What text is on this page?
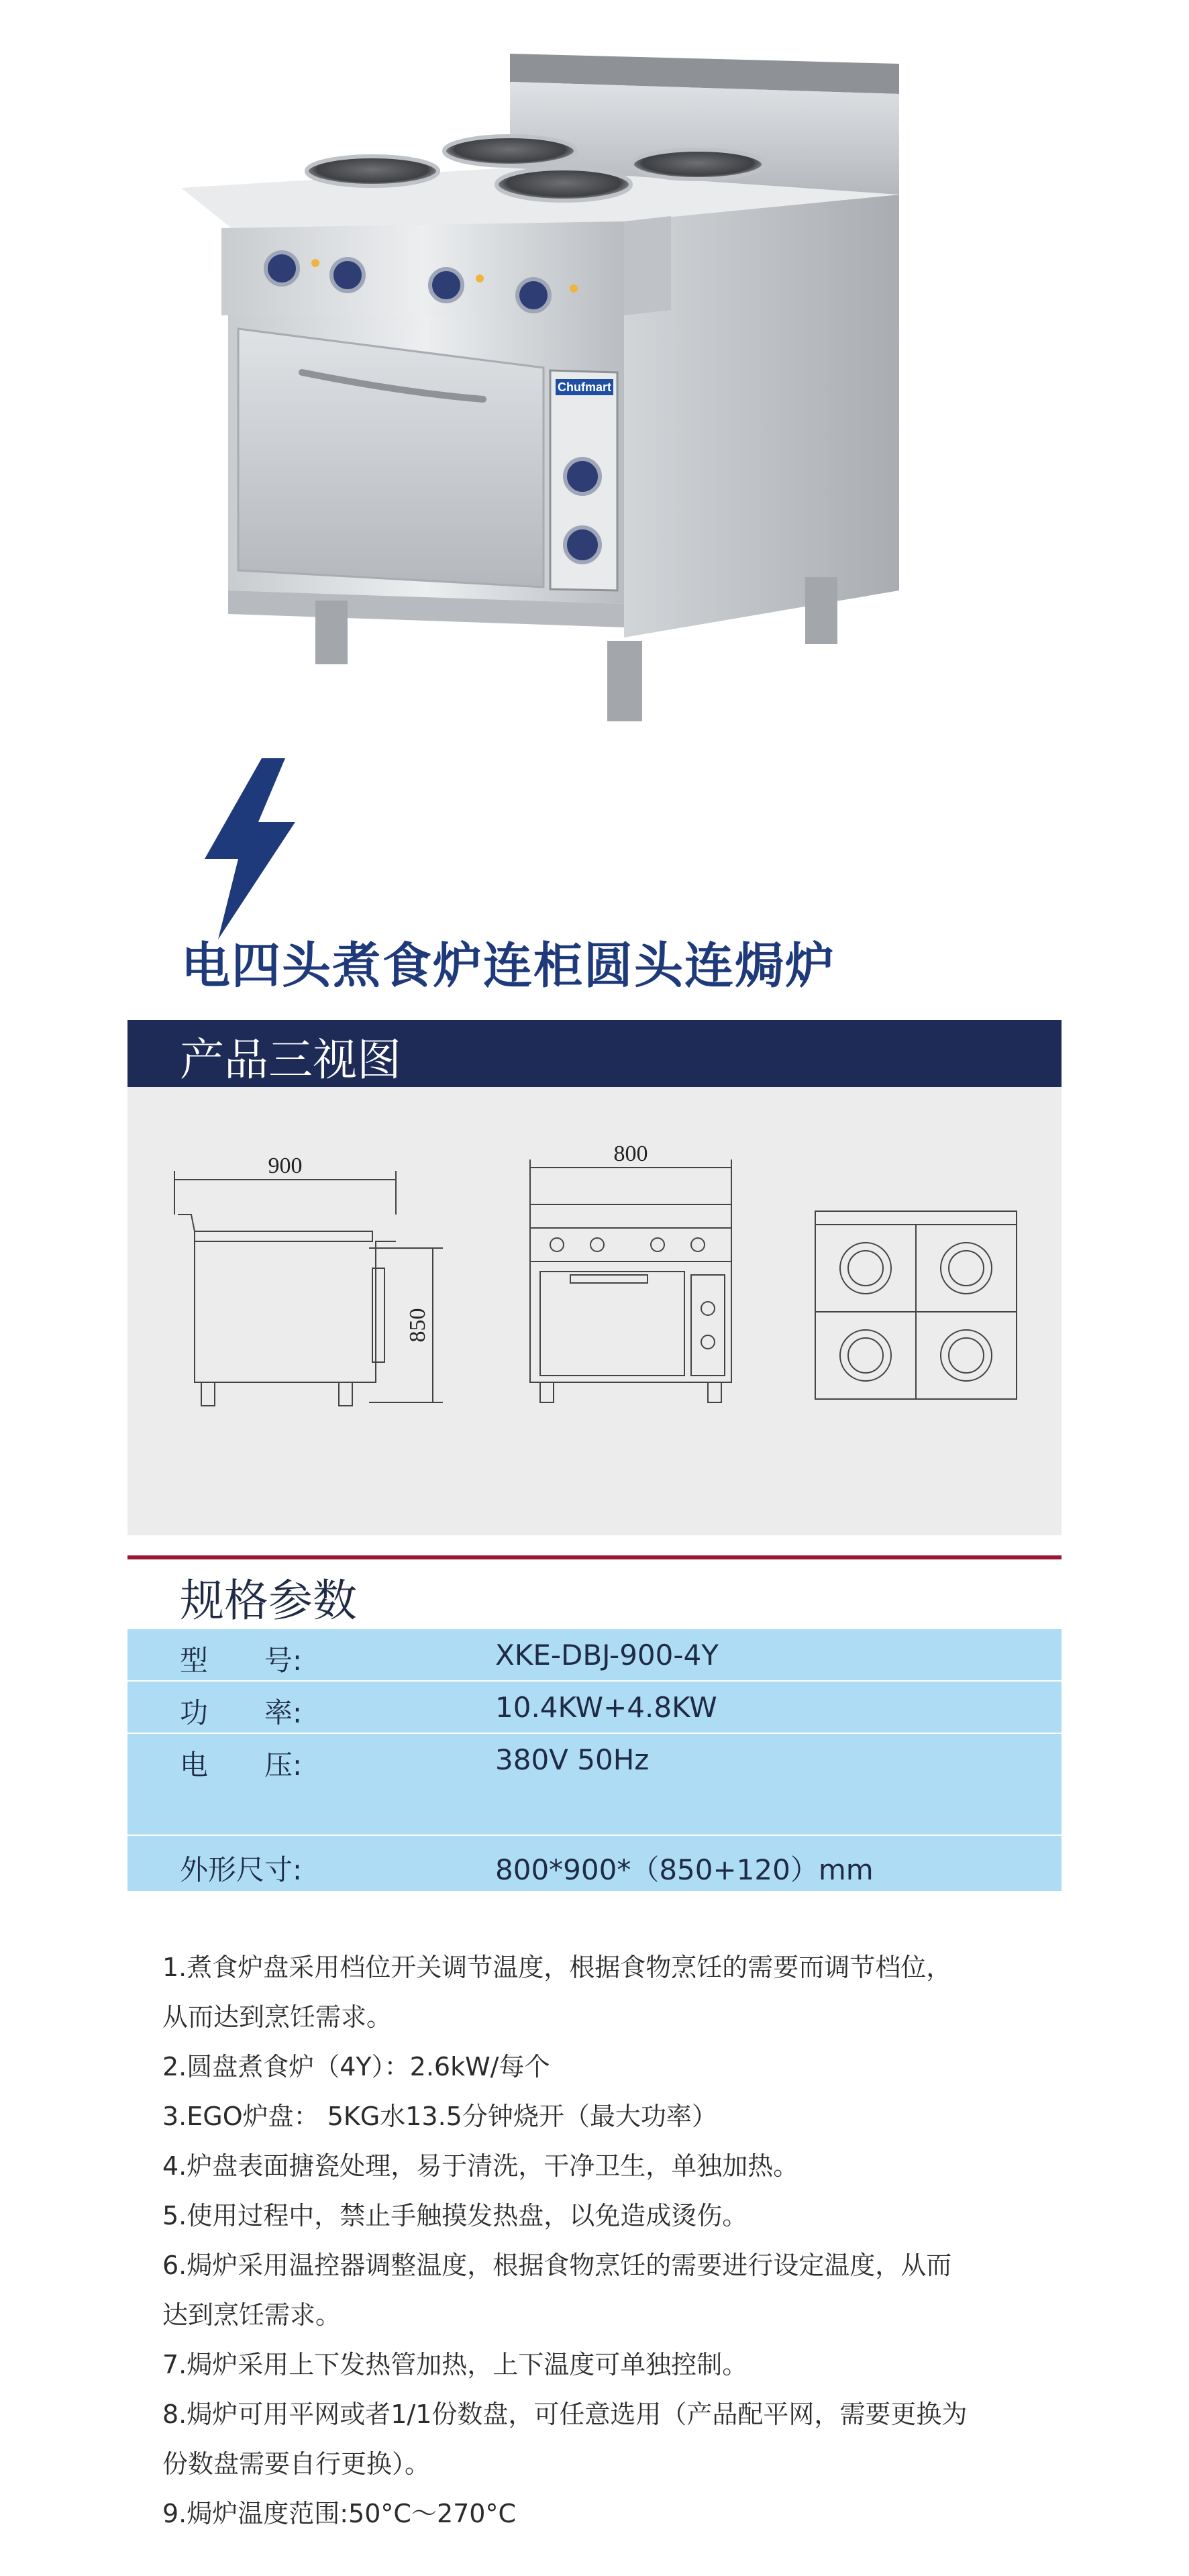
Chufmart
电四头煮食炉连柜圆头连焗炉
产品三视图
900	800
850
规格参数
型　　号:	XKE-DBJ-900-4Y
功　　率:	10.4KW+4.8KW
电　　压:	380V 50Hz
外形尺寸:	800*900*（850+120）mm
1.煮食炉盘采用档位开关调节温度，根据食物烹饪的需要而调节档位，
从而达到烹饪需求。
2.圆盘煮食炉（4Y）：2.6kW/每个
3.EGO炉盘： 5KG水13.5分钟烧开（最大功率）
4.炉盘表面搪瓷处理，易于清洗，干净卫生，单独加热。
5.使用过程中，禁止手触摸发热盘，以免造成烫伤。
6.焗炉采用温控器调整温度，根据食物烹饪的需要进行设定温度，从而
达到烹饪需求。
7.焗炉采用上下发热管加热，上下温度可单独控制。
8.焗炉可用平网或者1/1份数盘，可任意选用（产品配平网，需要更换为
份数盘需要自行更换）。
9.焗炉温度范围:50°C～270°C
